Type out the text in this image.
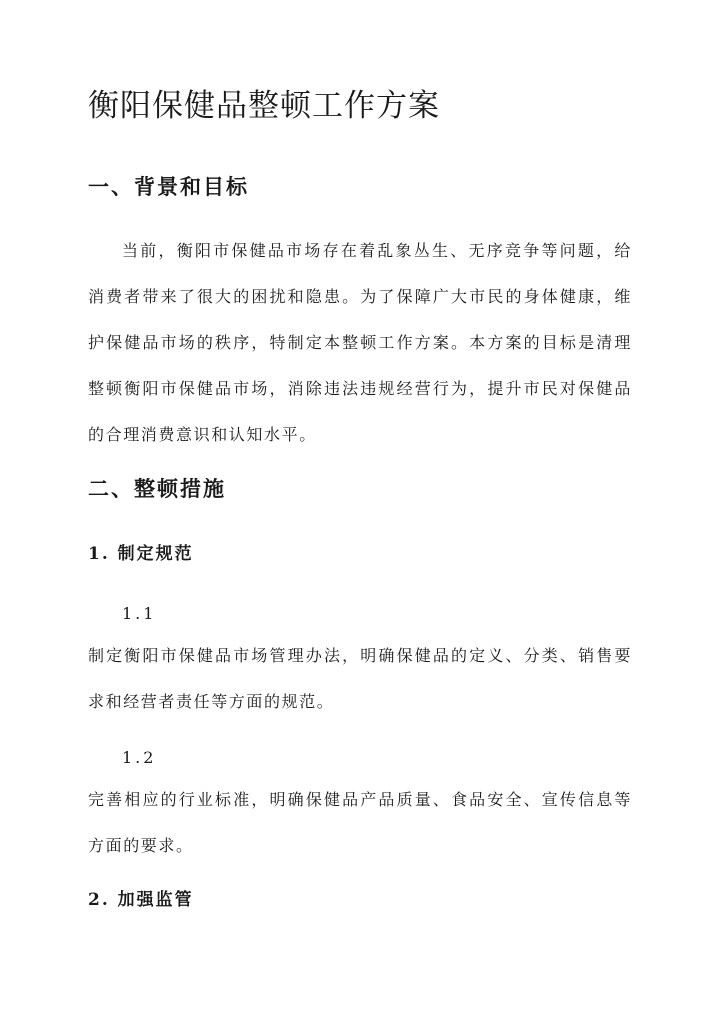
衡阳保健品整顿工作方案
一、背景和目标

当前，衡阳市保健品市场存在着乱象丛生、无序竞争等问题，给消费者带来了很大的困扰和隐患。为了保障广大市民的身体健康，维护保健品市场的秩序，特制定本整顿工作方案。本方案的目标是清理整顿衡阳市保健品市场，消除违法违规经营行为，提升市民对保健品的合理消费意识和认知水平。

二、整顿措施
1. 制定规范

1.1

制定衡阳市保健品市场管理办法，明确保健品的定义、分类、销售要求和经营者责任等方面的规范。

1.2

完善相应的行业标准，明确保健品产品质量、食品安全、宣传信息等方面的要求。

2. 加强监管
